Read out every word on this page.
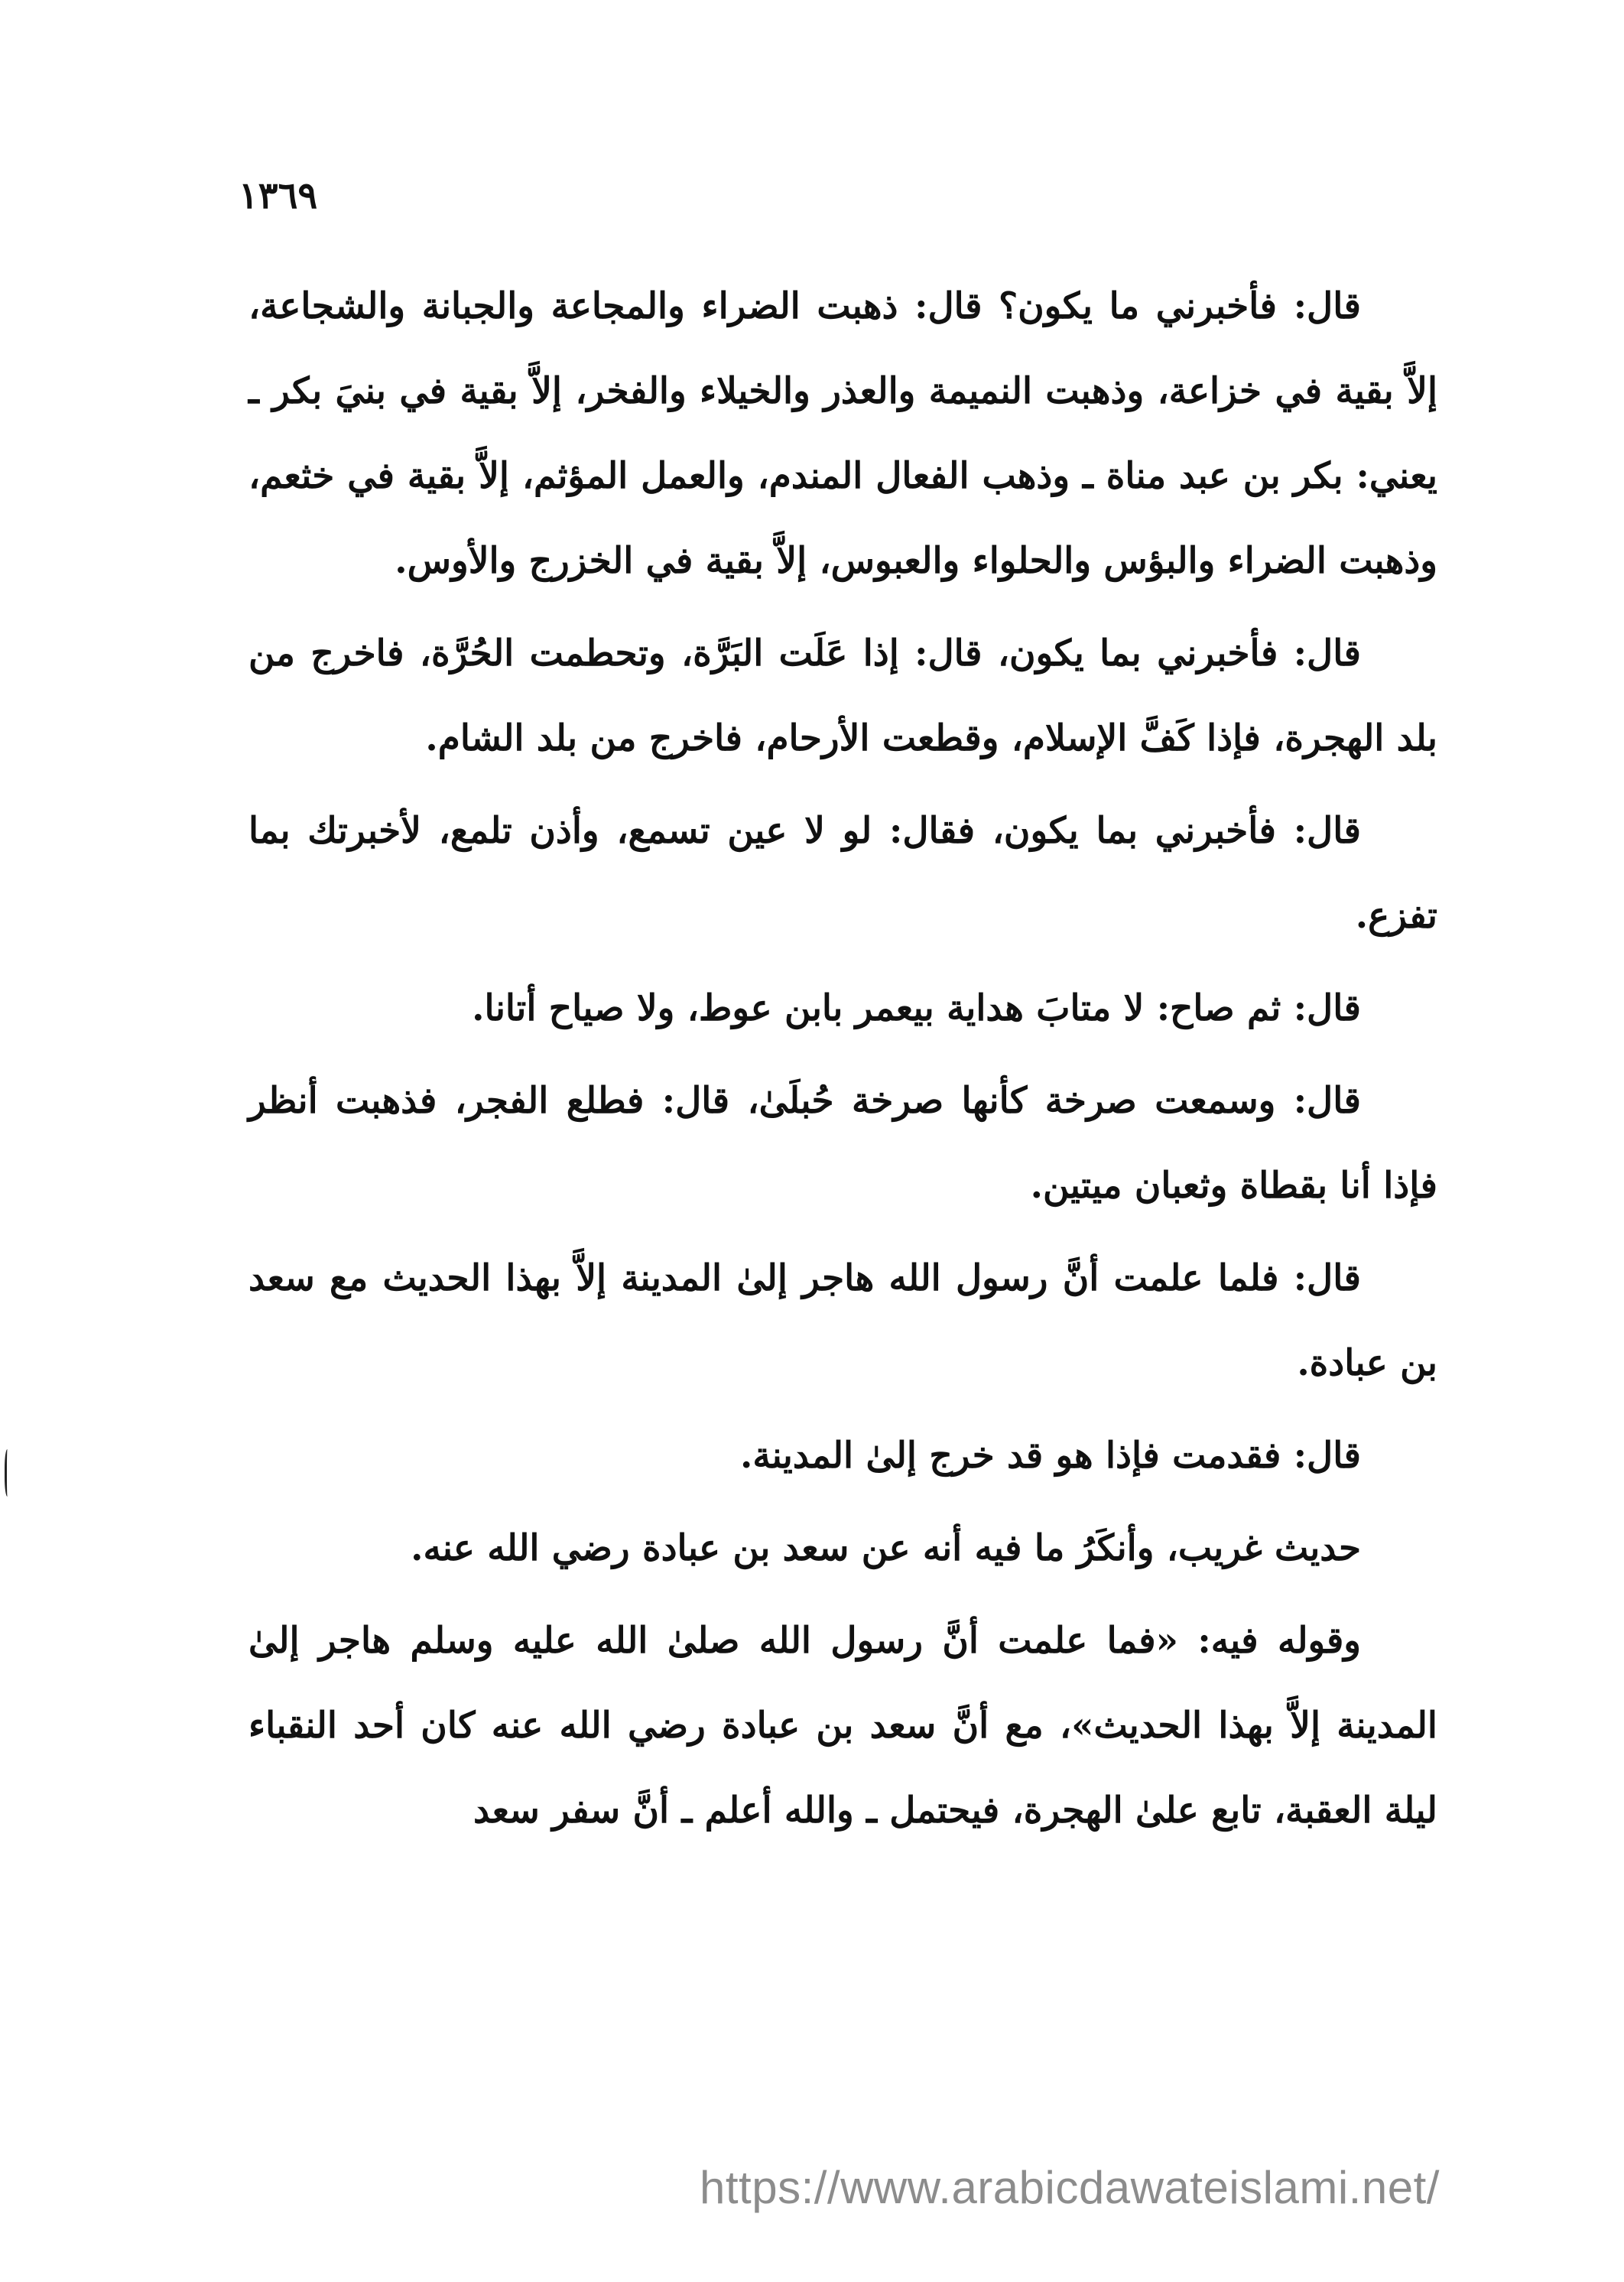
١٣٦٩

قال: فأخبرني ما يكون؟ قال: ذهبت الضراء والمجاعة والجبانة والشجاعة، إلاَّ بقية في خزاعة، وذهبت النميمة والعذر والخيلاء والفخر، إلاَّ بقية في بنيَ بكر ـ يعني: بكر بن عبد مناة ـ وذهب الفعال المندم، والعمل المؤثم، إلاَّ بقية في خثعم، وذهبت الضراء والبؤس والحلواء والعبوس، إلاَّ بقية في الخزرج والأوس.

قال: فأخبرني بما يكون، قال: إذا عَلَت البَرَّة، وتحطمت الحُرَّة، فاخرج من بلد الهجرة، فإذا كَفَّ الإسلام، وقطعت الأرحام، فاخرج من بلد الشام.

قال: فأخبرني بما يكون، فقال: لو لا عين تسمع، وأذن تلمع، لأخبرتك بما تفزع.

قال: ثم صاح: لا متابَ هداية بيعمر بابن عوط، ولا صياح أتانا.

قال: وسمعت صرخة كأنها صرخة حُبلَىٰ، قال: فطلع الفجر، فذهبت أنظر فإذا أنا بقطاة وثعبان ميتين.

قال: فلما علمت أنَّ رسول الله هاجر إلىٰ المدينة إلاَّ بهذا الحديث مع سعد بن عبادة.

قال: فقدمت فإذا هو قد خرج إلىٰ المدينة.

حديث غريب، وأنكَرُ ما فيه أنه عن سعد بن عبادة رضي الله عنه.

وقوله فيه: «فما علمت أنَّ رسول الله صلىٰ الله عليه وسلم هاجر إلىٰ المدينة إلاَّ بهذا الحديث»، مع أنَّ سعد بن عبادة رضي الله عنه كان أحد النقباء ليلة العقبة، تابع علىٰ الهجرة، فيحتمل ـ والله أعلم ـ أنَّ سفر سعد

https://www.arabicdawateislami.net/
